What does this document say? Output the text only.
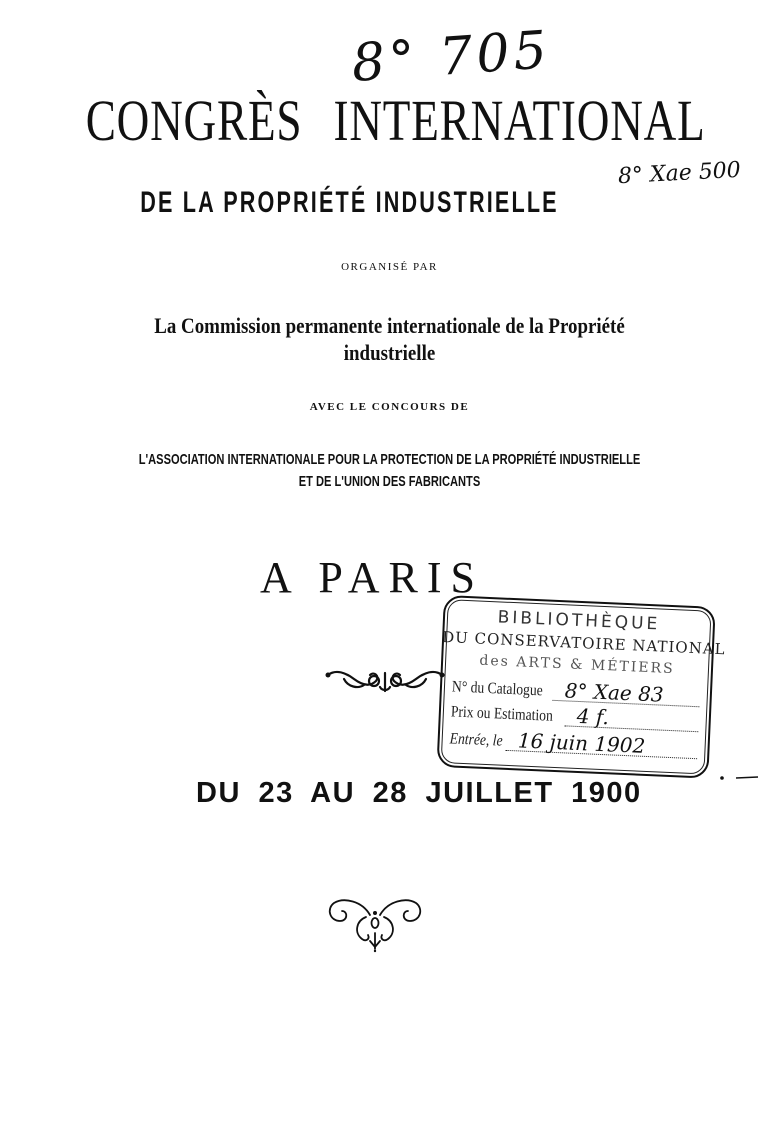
8° 705
8° Xae 500
CONGRÈS INTERNATIONAL
DE LA PROPRIÉTÉ INDUSTRIELLE
ORGANISÉ PAR
La Commission permanente internationale de la Propriété
industrielle
AVEC LE CONCOURS DE
L'ASSOCIATION INTERNATIONALE POUR LA PROTECTION DE LA PROPRIÉTÉ INDUSTRIELLE
ET DE L'UNION DES FABRICANTS
A PARIS
BIBLIOTHÈQUE
DU CONSERVATOIRE NATIONAL
des ARTS & MÉTIERS
N° du Catalogue	8° Xae 83
Prix ou Estimation	4 f.
Entrée, le 16 juin 1902
DU 23 AU 28 JUILLET 1900
